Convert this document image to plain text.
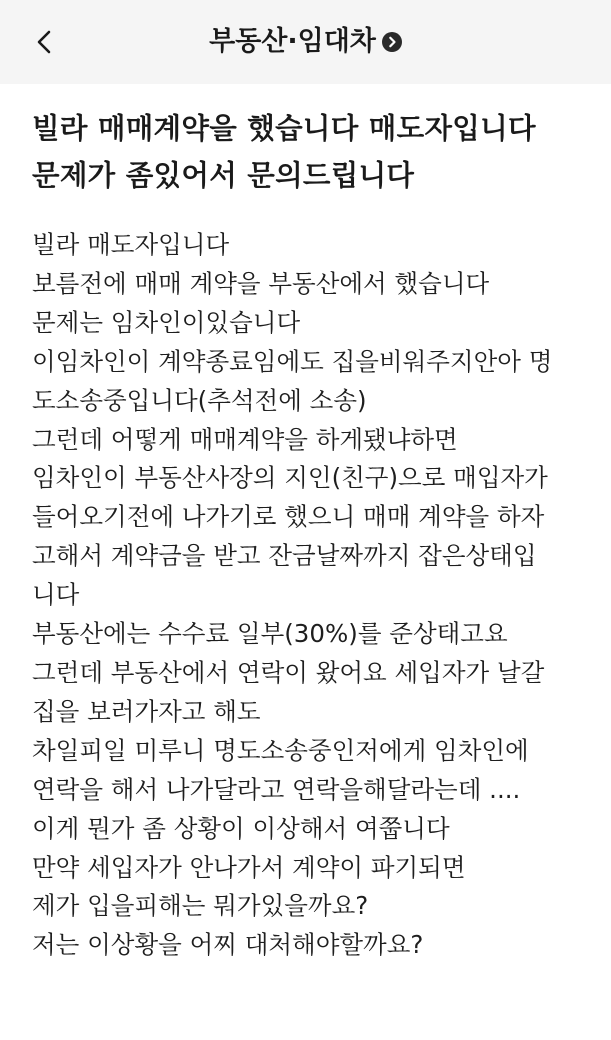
부동산·임대차
빌라 매매계약을 했습니다 매도자입니다
문제가 좀있어서 문의드립니다
빌라 매도자입니다
보름전에 매매 계약을 부동산에서 했습니다
문제는 임차인이있습니다
이임차인이 계약종료임에도 집을비워주지안아 명
도소송중입니다(추석전에 소송)
그런데 어떻게 매매계약을 하게됐냐하면
임차인이 부동산사장의 지인(친구)으로 매입자가
들어오기전에 나가기로 했으니 매매 계약을 하자
고해서 계약금을 받고 잔금날짜까지 잡은상태입
니다
부동산에는 수수료 일부(30%)를 준상태고요
그런데 부동산에서 연락이 왔어요 세입자가 날갈
집을 보러가자고 해도
차일피일 미루니 명도소송중인저에게 임차인에
연락을 해서 나가달라고 연락을해달라는데 ....
이게 뭔가 좀 상황이 이상해서 여쭙니다
만약 세입자가 안나가서 계약이 파기되면
제가 입을피해는 뭐가있을까요?
저는 이상황을 어찌 대처해야할까요?
